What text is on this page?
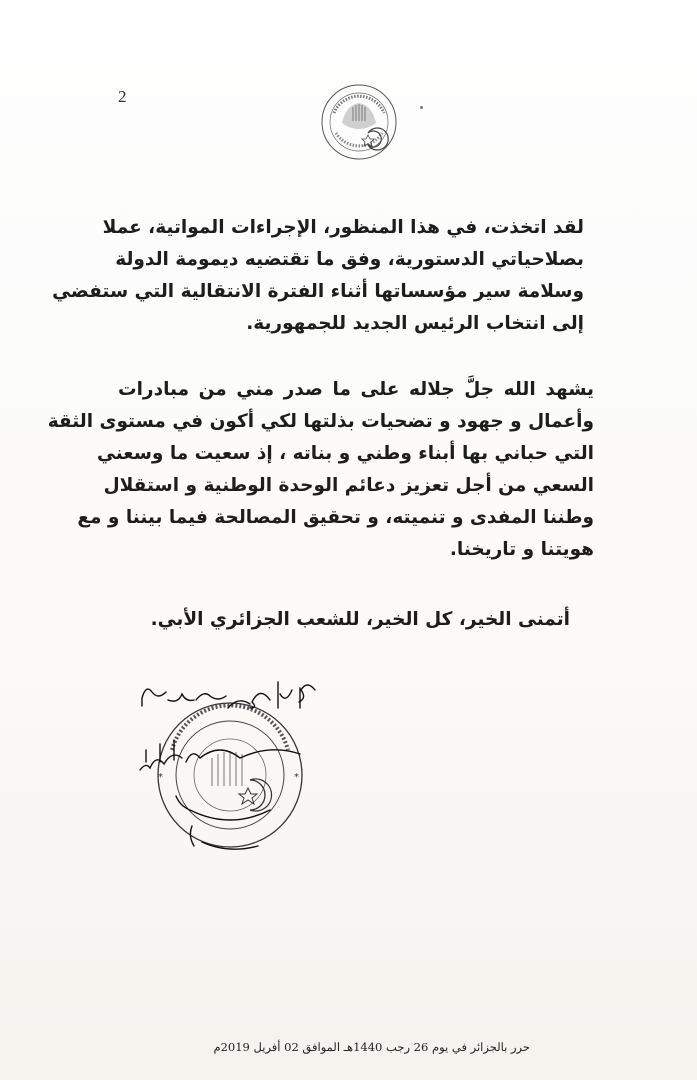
2
لقد اتخذت، في هذا المنظور، الإجراءات المواتية، عملا
بصلاحياتي الدستورية، وفق ما تقتضيه ديمومة الدولة
وسلامة سير مؤسساتها أثناء الفترة الانتقالية التي ستفضي
إلى انتخاب الرئيس الجديد للجمهورية.
يشهد الله جلَّ جلاله على ما صدر مني من مبادرات
وأعمال و جهود و تضحيات بذلتها لكي أكون في مستوى الثقة
التي حباني بها أبناء وطني و بناته ، إذ سعيت ما وسعني
السعي من أجل تعزيز دعائم الوحدة الوطنية و استقلال
وطننا المفدى و تنميته، و تحقيق المصالحة فيما بيننا و مع
هويتنا و تاريخنا.
أتمنى الخير، كل الخير، للشعب الجزائري الأبي.
*
*
حرر بالجزائر في يوم 26 رجب 1440هـ الموافق 02 أفريل 2019م
